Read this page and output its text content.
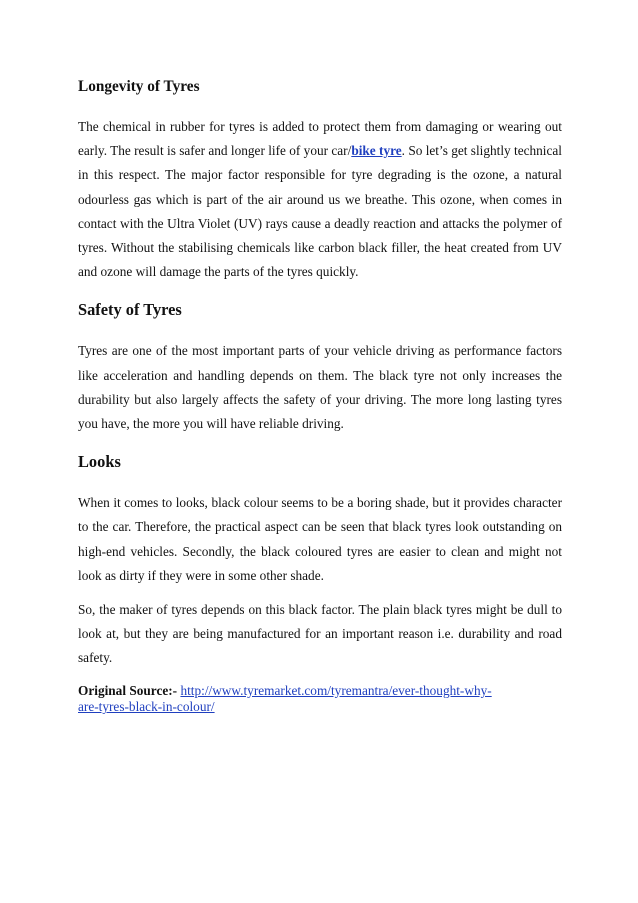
Longevity of Tyres

The chemical in rubber for tyres is added to protect them from damaging or wearing out early. The result is safer and longer life of your car/bike tyre. So let’s get slightly technical in this respect. The major factor responsible for tyre degrading is the ozone, a natural odourless gas which is part of the air around us we breathe. This ozone, when comes in contact with the Ultra Violet (UV) rays cause a deadly reaction and attacks the polymer of tyres. Without the stabilising chemicals like carbon black filler, the heat created from UV and ozone will damage the parts of the tyres quickly.

Safety of Tyres

Tyres are one of the most important parts of your vehicle driving as performance factors like acceleration and handling depends on them. The black tyre not only increases the durability but also largely affects the safety of your driving. The more long lasting tyres you have, the more you will have reliable driving.

Looks

When it comes to looks, black colour seems to be a boring shade, but it provides character to the car. Therefore, the practical aspect can be seen that black tyres look outstanding on high-end vehicles. Secondly, the black coloured tyres are easier to clean and might not look as dirty if they were in some other shade.

So, the maker of tyres depends on this black factor. The plain black tyres might be dull to look at, but they are being manufactured for an important reason i.e. durability and road safety.

Original Source:- http://www.tyremarket.com/tyremantra/ever-thought-why-
are-tyres-black-in-colour/
